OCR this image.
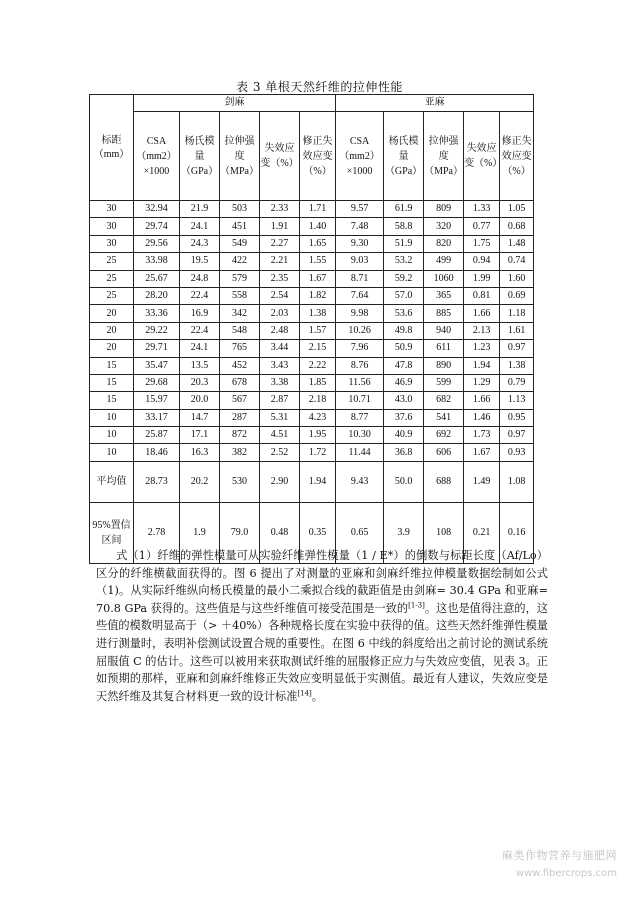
表 3 单根天然纤维的拉伸性能
标距（mm）	剑麻					亚麻				
	CSA（mm2）×1000	杨氏模量（GPa）	拉伸强度（MPa）	失效应变（%）	修正失效应变（%）	CSA（mm2）×1000	杨氏模量（GPa）	拉伸强度（MPa）	失效应变（%）	修正失效应变（%）
30	32.94	21.9	503	2.33	1.71	9.57	61.9	809	1.33	1.05
30	29.74	24.1	451	1.91	1.40	7.48	58.8	320	0.77	0.68
30	29.56	24.3	549	2.27	1.65	9.30	51.9	820	1.75	1.48
25	33.98	19.5	422	2.21	1.55	9.03	53.2	499	0.94	0.74
25	25.67	24.8	579	2.35	1.67	8.71	59.2	1060	1.99	1.60
25	28.20	22.4	558	2.54	1.82	7.64	57.0	365	0.81	0.69
20	33.36	16.9	342	2.03	1.38	9.98	53.6	885	1.66	1.18
20	29.22	22.4	548	2.48	1.57	10.26	49.8	940	2.13	1.61
20	29.71	24.1	765	3.44	2.15	7.96	50.9	611	1.23	0.97
15	35.47	13.5	452	3.43	2.22	8.76	47.8	890	1.94	1.38
15	29.68	20.3	678	3.38	1.85	11.56	46.9	599	1.29	0.79
15	15.97	20.0	567	2.87	2.18	10.71	43.0	682	1.66	1.13
10	33.17	14.7	287	5.31	4.23	8.77	37.6	541	1.46	0.95
10	25.87	17.1	872	4.51	1.95	10.30	40.9	692	1.73	0.97
10	18.46	16.3	382	2.52	1.72	11.44	36.8	606	1.67	0.93
平均值	28.73	20.2	530	2.90	1.94	9.43	50.0	688	1.49	1.08
95%置信区间	2.78	1.9	79.0	0.48	0.35	0.65	3.9	108	0.21	0.16

式（1）纤维的弹性模量可从实验纤维弹性模量（1 / E*）的倒数与标距长度（Af/Lo）区分的纤维横截面获得的。图 6 提出了对测量的亚麻和剑麻纤维拉伸模量数据绘制如公式（1)。从实际纤维纵向杨氏模量的最小二乘拟合线的截距值是由剑麻= 30.4 GPa 和亚麻= 70.8 GPa 获得的。这些值是与这些纤维值可接受范围是一致的[1-3]。这也是值得注意的，这些值的模数明显高于（> ＋40%）各种规格长度在实验中获得的值。这些天然纤维弹性模量进行测量时，表明补偿测试设置合规的重要性。在图 6 中线的斜度给出之前讨论的测试系统屈服值 C 的估计。这些可以被用来获取测试纤维的屈服修正应力与失效应变值，见表 3。正如预期的那样，亚麻和剑麻纤维修正失效应变明显低于实测值。最近有人建议，失效应变是天然纤维及其复合材料更一致的设计标准[14]。

麻类作物营养与施肥网
www.fibercrops.com
